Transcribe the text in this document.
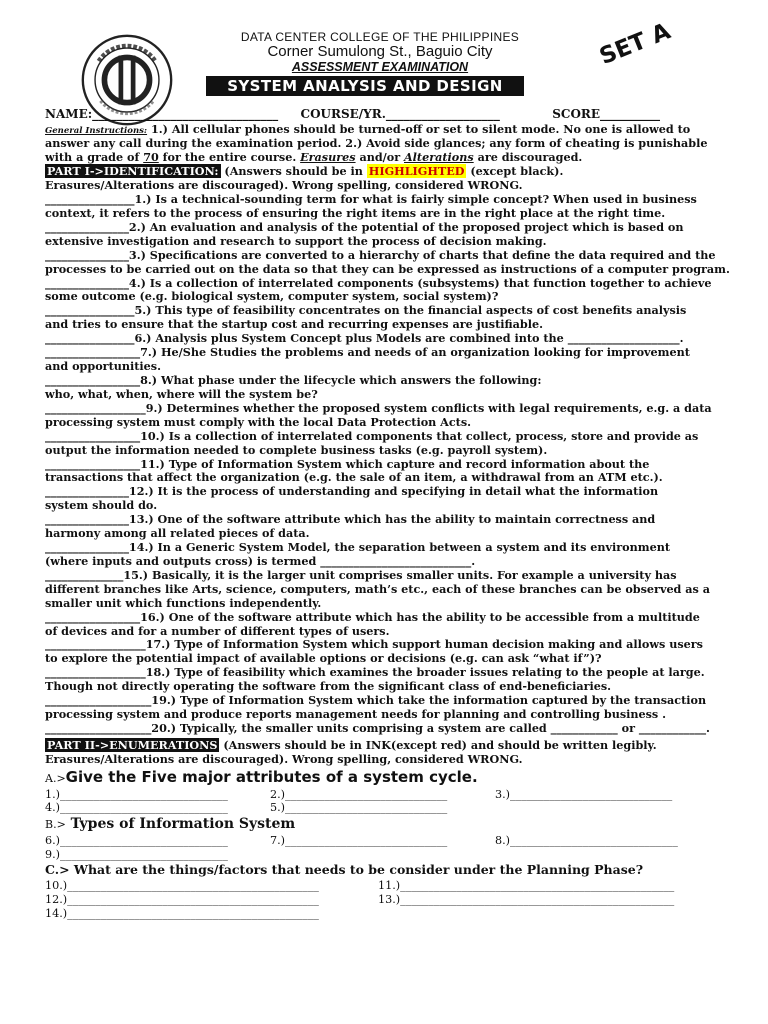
DATA CENTER COLLEGE OF THE PHILIPPINES
Corner Sumulong St., Baguio City
ASSESSMENT EXAMINATION
SYSTEM ANALYSIS AND DESIGN
SET A
NAME:_______________________________ COURSE/YR.___________________	SCORE__________
General Instructions: 1.) All cellular phones should be turned-off or set to silent mode. No one is allowed to
answer any call during the examination period. 2.) Avoid side glances; any form of cheating is punishable
with a grade of 70 for the entire course. Erasures and/or Alterations are discouraged.
PART I->IDENTIFICATION: (Answers should be in HIGHLIGHTED (except black).
Erasures/Alterations are discouraged). Wrong spelling, considered WRONG.
________________1.) Is a technical-sounding term for what is fairly simple concept? When used in business
context, it refers to the process of ensuring the right items are in the right place at the right time.
_______________2.) An evaluation and analysis of the potential of the proposed project which is based on
extensive investigation and research to support the process of decision making.
_______________3.) Specifications are converted to a hierarchy of charts that define the data required and the
processes to be carried out on the data so that they can be expressed as instructions of a computer program.
_______________4.) Is a collection of interrelated components (subsystems) that function together to achieve
some outcome (e.g. biological system, computer system, social system)?
________________5.) This type of feasibility concentrates on the financial aspects of cost benefits analysis
and tries to ensure that the startup cost and recurring expenses are justifiable.
________________6.) Analysis plus System Concept plus Models are combined into the ____________________.
_________________7.) He/She Studies the problems and needs of an organization looking for improvement
and opportunities.
_________________8.) What phase under the lifecycle which answers the following:
who, what, when, where will the system be?
__________________9.) Determines whether the proposed system conflicts with legal requirements, e.g. a data
processing system must comply with the local Data Protection Acts.
_________________10.) Is a collection of interrelated components that collect, process, store and provide as
output the information needed to complete business tasks (e.g. payroll system).
_________________11.) Type of Information System which capture and record information about the
transactions that affect the organization (e.g. the sale of an item, a withdrawal from an ATM etc.).
_______________12.) It is the process of understanding and specifying in detail what the information
system should do.
_______________13.) One of the software attribute which has the ability to maintain correctness and
harmony among all related pieces of data.
_______________14.) In a Generic System Model, the separation between a system and its environment
(where inputs and outputs cross) is termed ___________________________.
______________15.) Basically, it is the larger unit comprises smaller units. For example a university has
different branches like Arts, science, computers, math’s etc., each of these branches can be observed as a
smaller unit which functions independently.
_________________16.) One of the software attribute which has the ability to be accessible from a multitude
of devices and for a number of different types of users.
__________________17.) Type of Information System which support human decision making and allows users
to explore the potential impact of available options or decisions (e.g. can ask “what if”)?
__________________18.) Type of feasibility which examines the broader issues relating to the people at large.
Though not directly operating the software from the significant class of end-beneficiaries.
___________________19.) Type of Information System which take the information captured by the transaction
processing system and produce reports management needs for planning and controlling business .
___________________20.) Typically, the smaller units comprising a system are called ____________ or ____________.
PART II->ENUMERATIONS (Answers should be in INK(except red) and should be written legibly.
Erasures/Alterations are discouraged). Wrong spelling, considered WRONG.
A.>Give the Five major attributes of a system cycle.
1.)______________________________	2.)_____________________________	3.)_____________________________
4.)______________________________	5.)_____________________________
B.> Types of Information System
6.)______________________________	7.)_____________________________	8.)______________________________
9.)______________________________
C.> What are the things/factors that needs to be consider under the Planning Phase?
10.)_____________________________________________	11.)_________________________________________________
12.)_____________________________________________	13.)_________________________________________________
14.)_____________________________________________
